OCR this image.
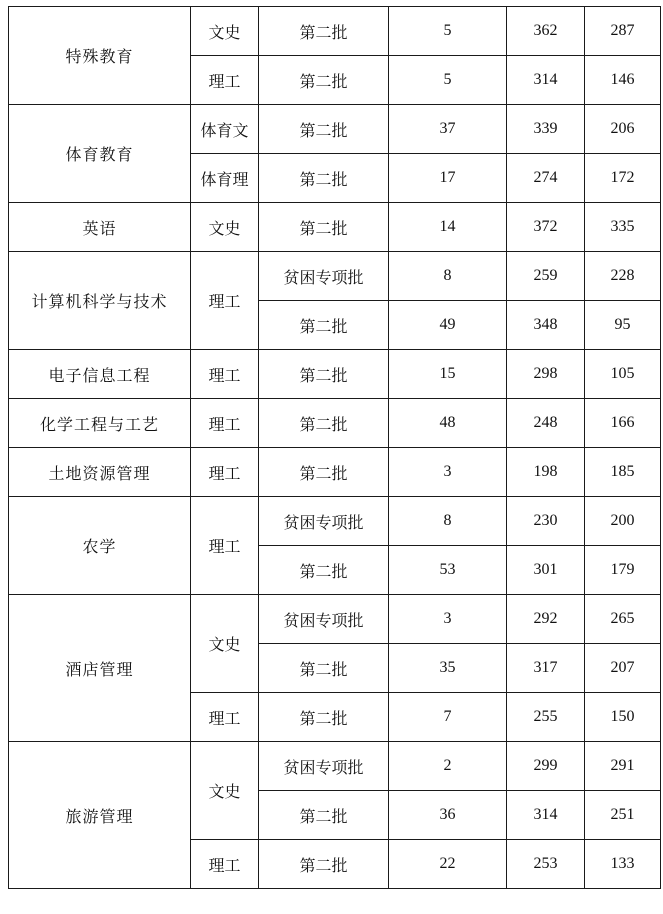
特殊教育	文史	第二批	5	362	287
	理工	第二批	5	314	146
体育教育	体育文	第二批	37	339	206
	体育理	第二批	17	274	172
英语	文史	第二批	14	372	335
计算机科学与技术	理工	贫困专项批	8	259	228
		第二批	49	348	95
电子信息工程	理工	第二批	15	298	105
化学工程与工艺	理工	第二批	48	248	166
土地资源管理	理工	第二批	3	198	185
农学	理工	贫困专项批	8	230	200
		第二批	53	301	179
酒店管理	文史	贫困专项批	3	292	265
		第二批	35	317	207
	理工	第二批	7	255	150
旅游管理	文史	贫困专项批	2	299	291
		第二批	36	314	251
	理工	第二批	22	253	133
